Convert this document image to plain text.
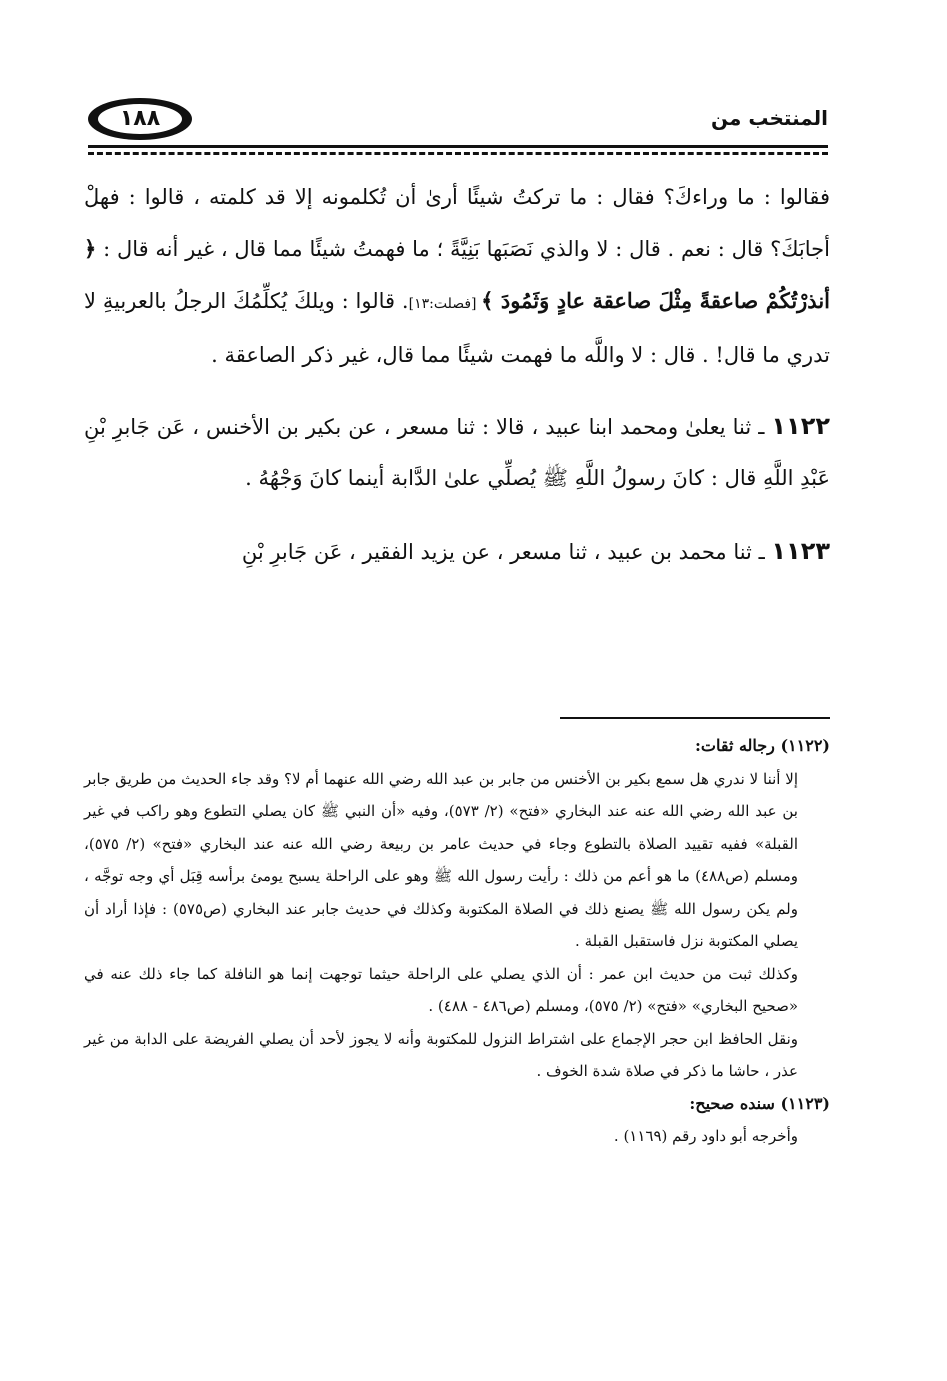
١٨٨	المنتخب من

فقالوا : ما وراءكَ؟ فقال : ما تركتُ شيئًا أرىٰ أن تُكلمونه إلا قد كلمته ، قالوا : فهلْ أجابَكَ؟ قال : نعم . قال : لا والذي نَصَبَها بَنِيَّةً ؛ ما فهمتُ شيئًا مما قال ، غير أنه قال : ﴿ أنذرْتُكُمْ صاعقةً مِثْلَ صاعقة عادٍ وَثَمُودَ ﴾ [فصلت:١٣]. قالوا : ويلكَ يُكلِّمُكَ الرجلُ بالعربيةِ لا تدري ما قال! . قال : لا واللَّه ما فهمت شيئًا مما قال، غير ذكر الصاعقة .

١١٢٢ ـ ثنا يعلىٰ ومحمد ابنا عبيد ، قالا : ثنا مسعر ، عن بكير بن الأخنس ، عَن جَابرِ بْنِ عَبْدِ اللَّهِ قال : كانَ رسولُ اللَّهِ ﷺ يُصلِّي علىٰ الدَّابة أينما كانَ وَجْهُهُ .

١١٢٣ ـ ثنا محمد بن عبيد ، ثنا مسعر ، عن يزيد الفقير ، عَن جَابرِ بْنِ

(١١٢٢) رجاله ثقات:

إلا أننا لا ندري هل سمع بكير بن الأخنس من جابر بن عبد الله رضي الله عنهما أم لا؟ وقد جاء الحديث من طريق جابر بن عبد الله رضي الله عنه عند البخاري «فتح» (٢/ ٥٧٣)، وفيه «أن النبي ﷺ كان يصلي التطوع وهو راكب في غير القبلة» ففيه تقييد الصلاة بالتطوع وجاء في حديث عامر بن ربيعة رضي الله عنه عند البخاري «فتح» (٢/ ٥٧٥)، ومسلم (ص٤٨٨) ما هو أعم من ذلك : رأيت رسول الله ﷺ وهو على الراحلة يسبح يومئ برأسه قِبَل أي وجه توجَّه ، ولم يكن رسول الله ﷺ يصنع ذلك في الصلاة المكتوبة وكذلك في حديث جابر عند البخاري (ص٥٧٥) : فإذا أراد أن يصلي المكتوبة نزل فاستقبل القبلة .

وكذلك ثبت من حديث ابن عمر : أن الذي يصلي على الراحلة حيثما توجهت إنما هو النافلة كما جاء ذلك عنه في «صحيح البخاري» «فتح» (٢/ ٥٧٥)، ومسلم (ص٤٨٦ - ٤٨٨) .

ونقل الحافظ ابن حجر الإجماع على اشتراط النزول للمكتوبة وأنه لا يجوز لأحد أن يصلي الفريضة على الدابة من غير عذر ، حاشا ما ذكر في صلاة شدة الخوف .

(١١٢٣) سنده صحيح:

وأخرجه أبو داود رقم (١١٦٩) .
